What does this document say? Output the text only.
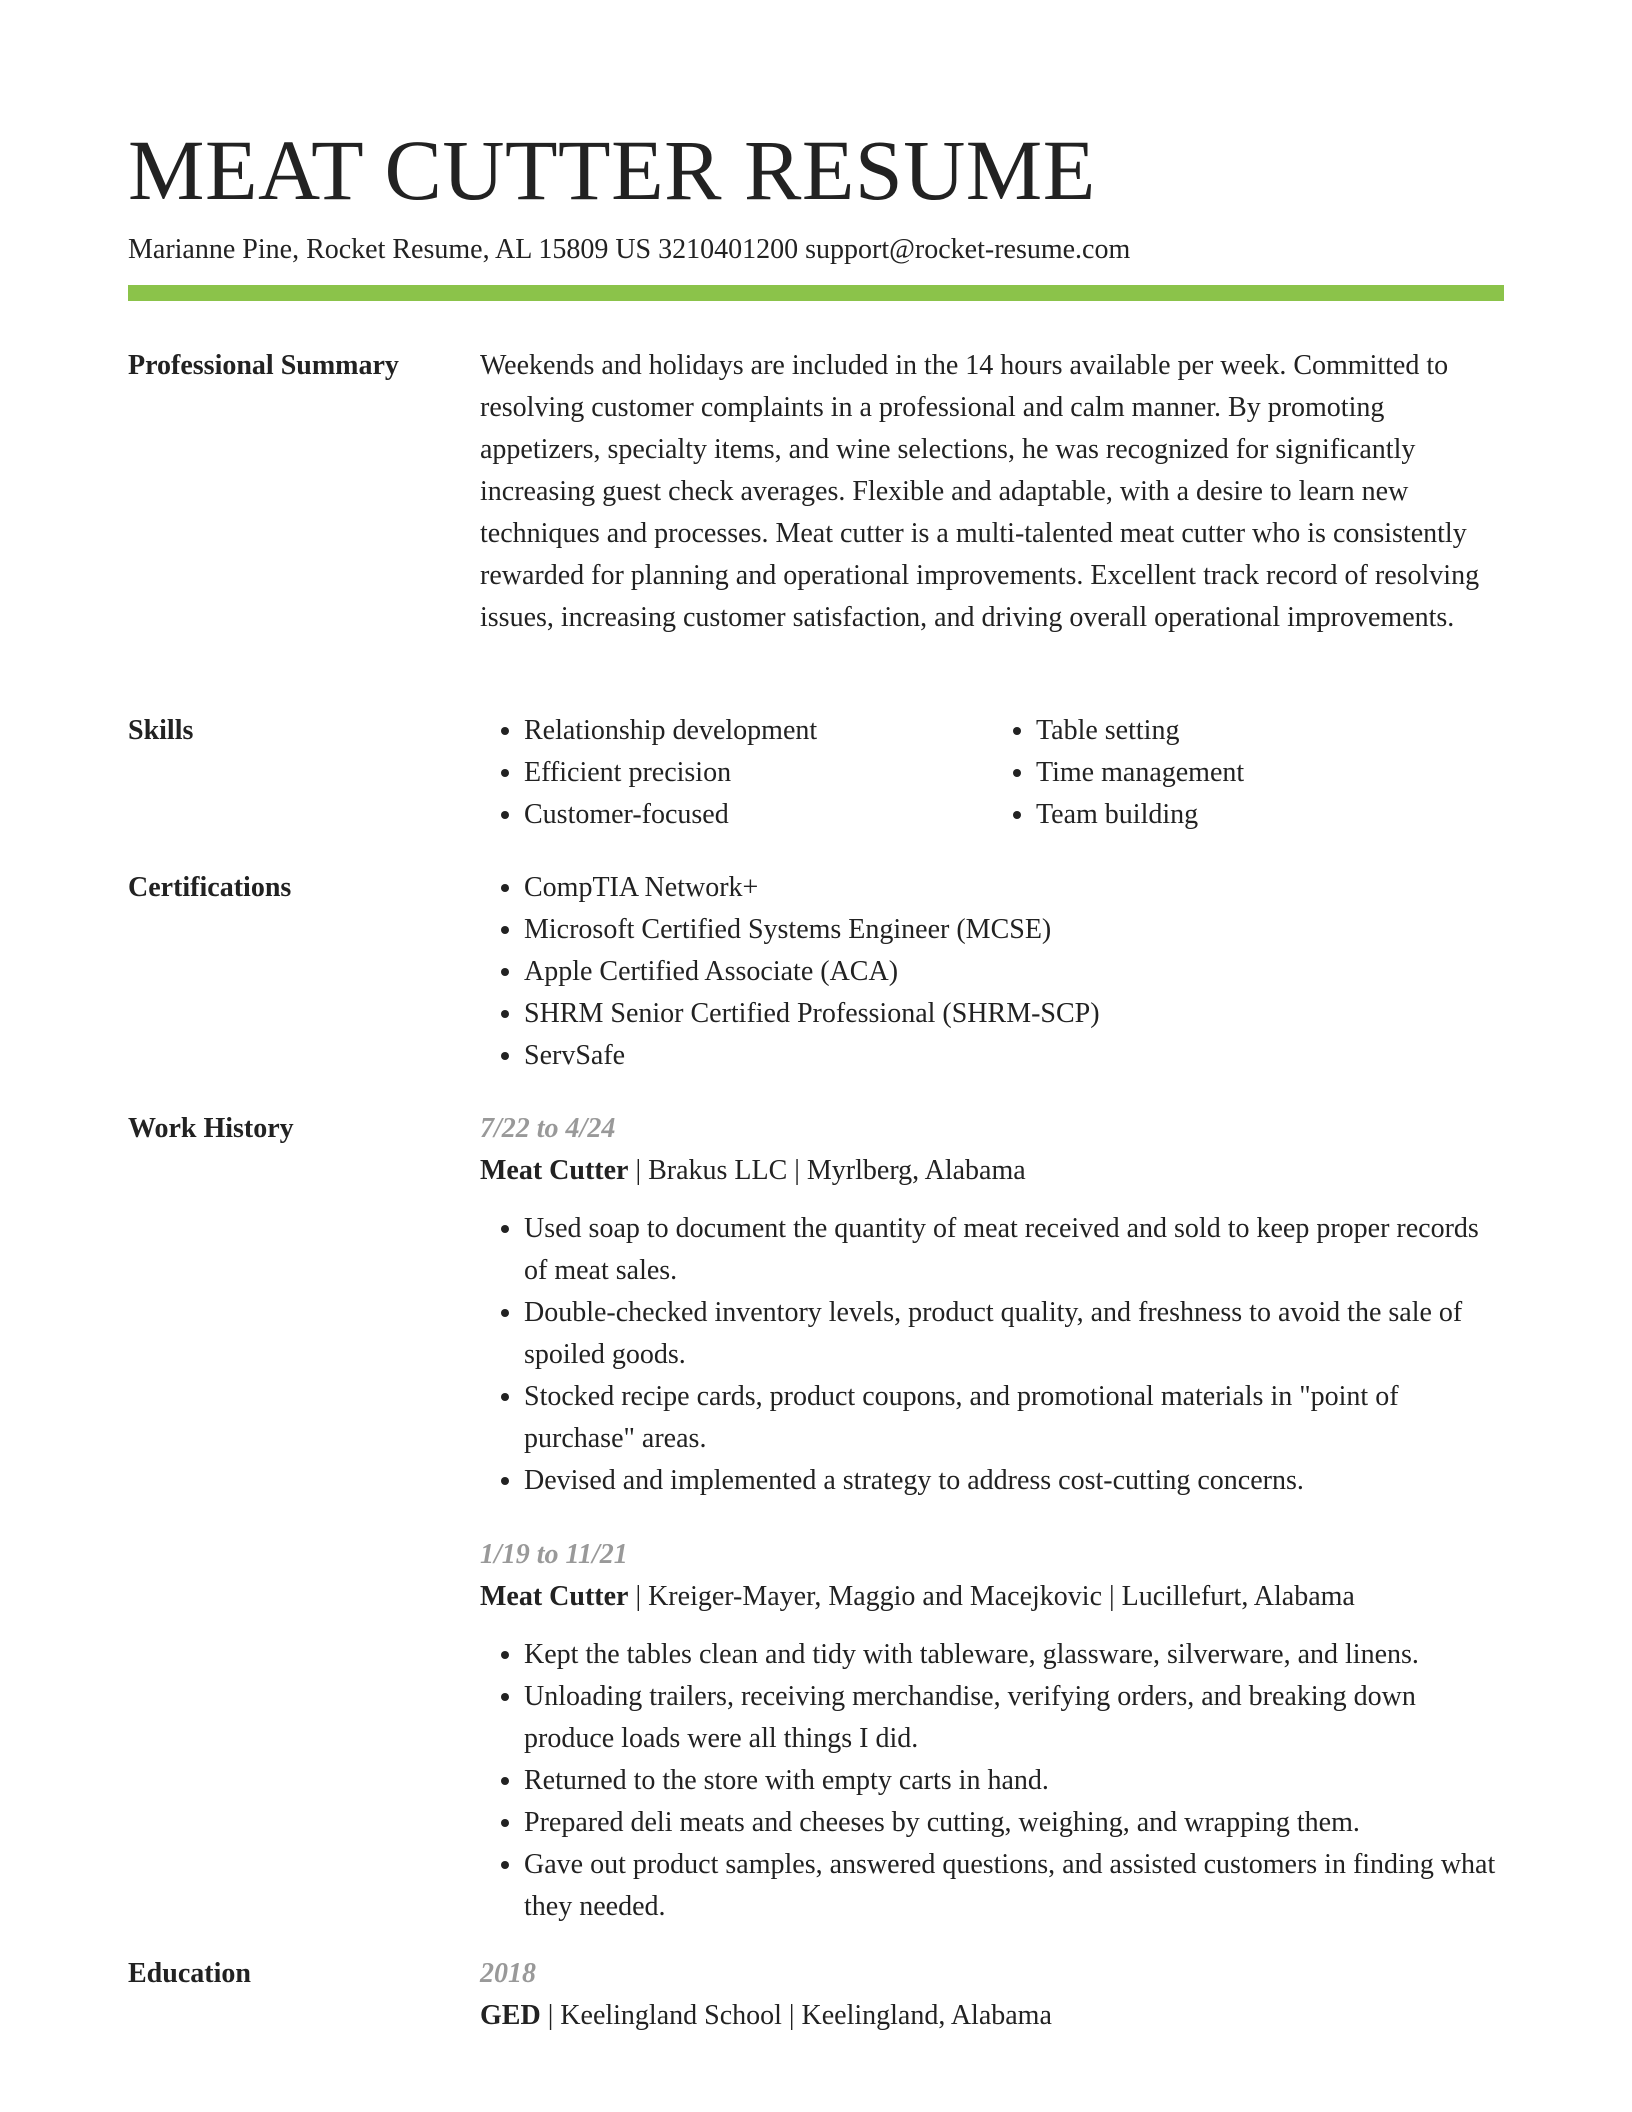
MEAT CUTTER RESUME
Marianne Pine, Rocket Resume, AL 15809 US 3210401200 support@rocket-resume.com
Professional Summary	Weekends and holidays are included in the 14 hours available per week. Committed to resolving customer complaints in a professional and calm manner. By promoting appetizers, specialty items, and wine selections, he was recognized for significantly increasing guest check averages. Flexible and adaptable, with a desire to learn new techniques and processes. Meat cutter is a multi-talented meat cutter who is consistently rewarded for planning and operational improvements. Excellent track record of resolving issues, increasing customer satisfaction, and driving overall operational improvements.

Skills	• Relationship development
• Efficient precision
• Customer-focused
• Table setting
• Time management
• Team building
Certifications	• CompTIA Network+
• Microsoft Certified Systems Engineer (MCSE)
• Apple Certified Associate (ACA)
• SHRM Senior Certified Professional (SHRM-SCP)
• ServSafe
Work History	7/22 to 4/24
Meat Cutter | Brakus LLC | Myrlberg, Alabama
• Used soap to document the quantity of meat received and sold to keep proper records of meat sales.
• Double-checked inventory levels, product quality, and freshness to avoid the sale of spoiled goods.
• Stocked recipe cards, product coupons, and promotional materials in "point of purchase" areas.
• Devised and implemented a strategy to address cost-cutting concerns.
1/19 to 11/21
Meat Cutter | Kreiger-Mayer, Maggio and Macejkovic | Lucillefurt, Alabama
• Kept the tables clean and tidy with tableware, glassware, silverware, and linens.
• Unloading trailers, receiving merchandise, verifying orders, and breaking down produce loads were all things I did.
• Returned to the store with empty carts in hand.
• Prepared deli meats and cheeses by cutting, weighing, and wrapping them.
• Gave out product samples, answered questions, and assisted customers in finding what they needed.
Education	2018
GED | Keelingland School | Keelingland, Alabama
